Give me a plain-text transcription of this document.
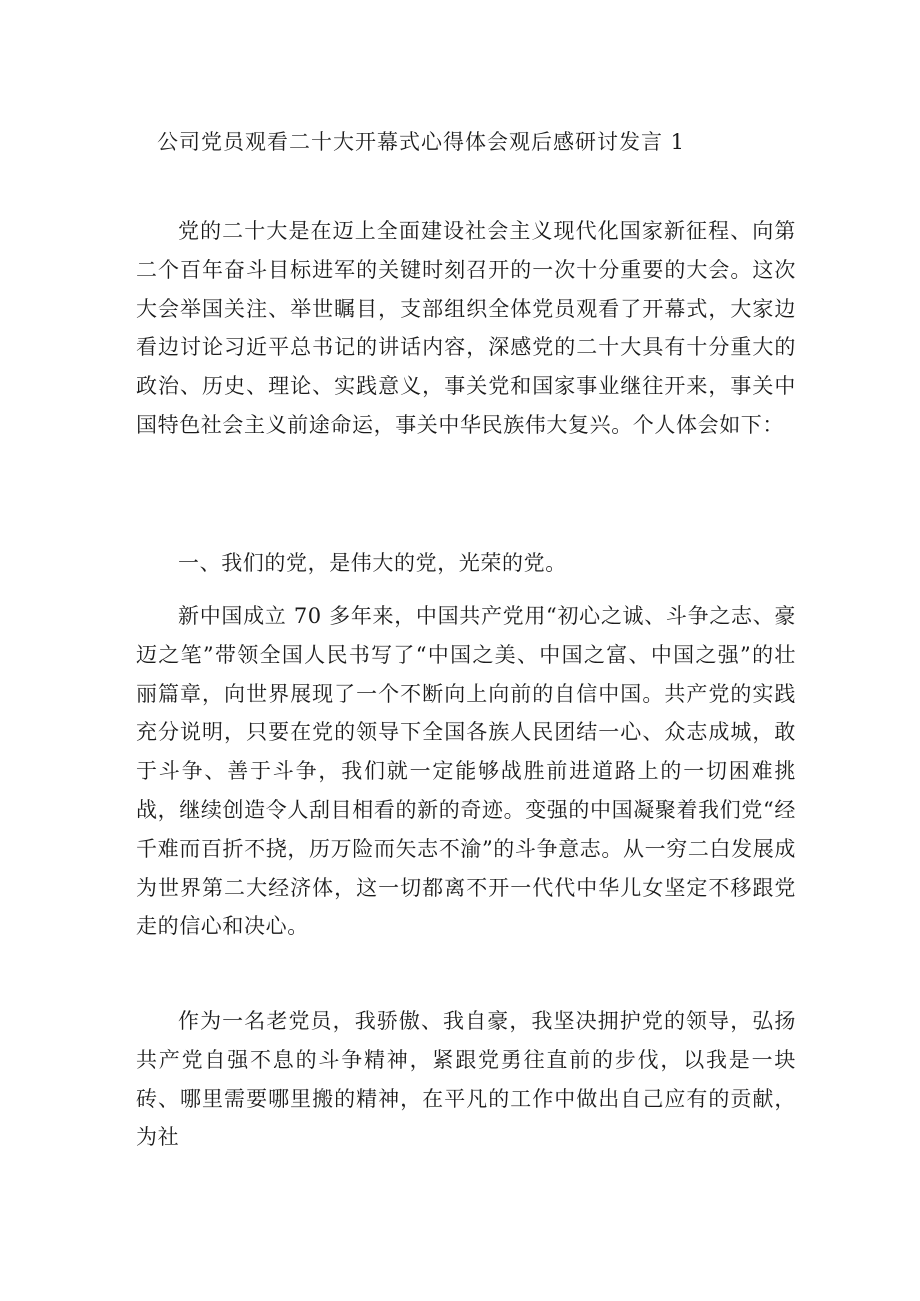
公司党员观看二十大开幕式心得体会观后感研讨发言 1

党的二十大是在迈上全面建设社会主义现代化国家新征程、向第二个百年奋斗目标进军的关键时刻召开的一次十分重要的大会。这次大会举国关注、举世瞩目，支部组织全体党员观看了开幕式，大家边看边讨论习近平总书记的讲话内容，深感党的二十大具有十分重大的政治、历史、理论、实践意义，事关党和国家事业继往开来，事关中国特色社会主义前途命运，事关中华民族伟大复兴。个人体会如下：

一、我们的党，是伟大的党，光荣的党。

新中国成立 70 多年来，中国共产党用“初心之诚、斗争之志、豪迈之笔”带领全国人民书写了“中国之美、中国之富、中国之强”的壮丽篇章，向世界展现了一个不断向上向前的自信中国。共产党的实践充分说明，只要在党的领导下全国各族人民团结一心、众志成城，敢于斗争、善于斗争，我们就一定能够战胜前进道路上的一切困难挑战，继续创造令人刮目相看的新的奇迹。变强的中国凝聚着我们党“经千难而百折不挠，历万险而矢志不渝”的斗争意志。从一穷二白发展成为世界第二大经济体，这一切都离不开一代代中华儿女坚定不移跟党走的信心和决心。

作为一名老党员，我骄傲、我自豪，我坚决拥护党的领导，弘扬共产党自强不息的斗争精神，紧跟党勇往直前的步伐，以我是一块砖、哪里需要哪里搬的精神，在平凡的工作中做出自己应有的贡献，为社
